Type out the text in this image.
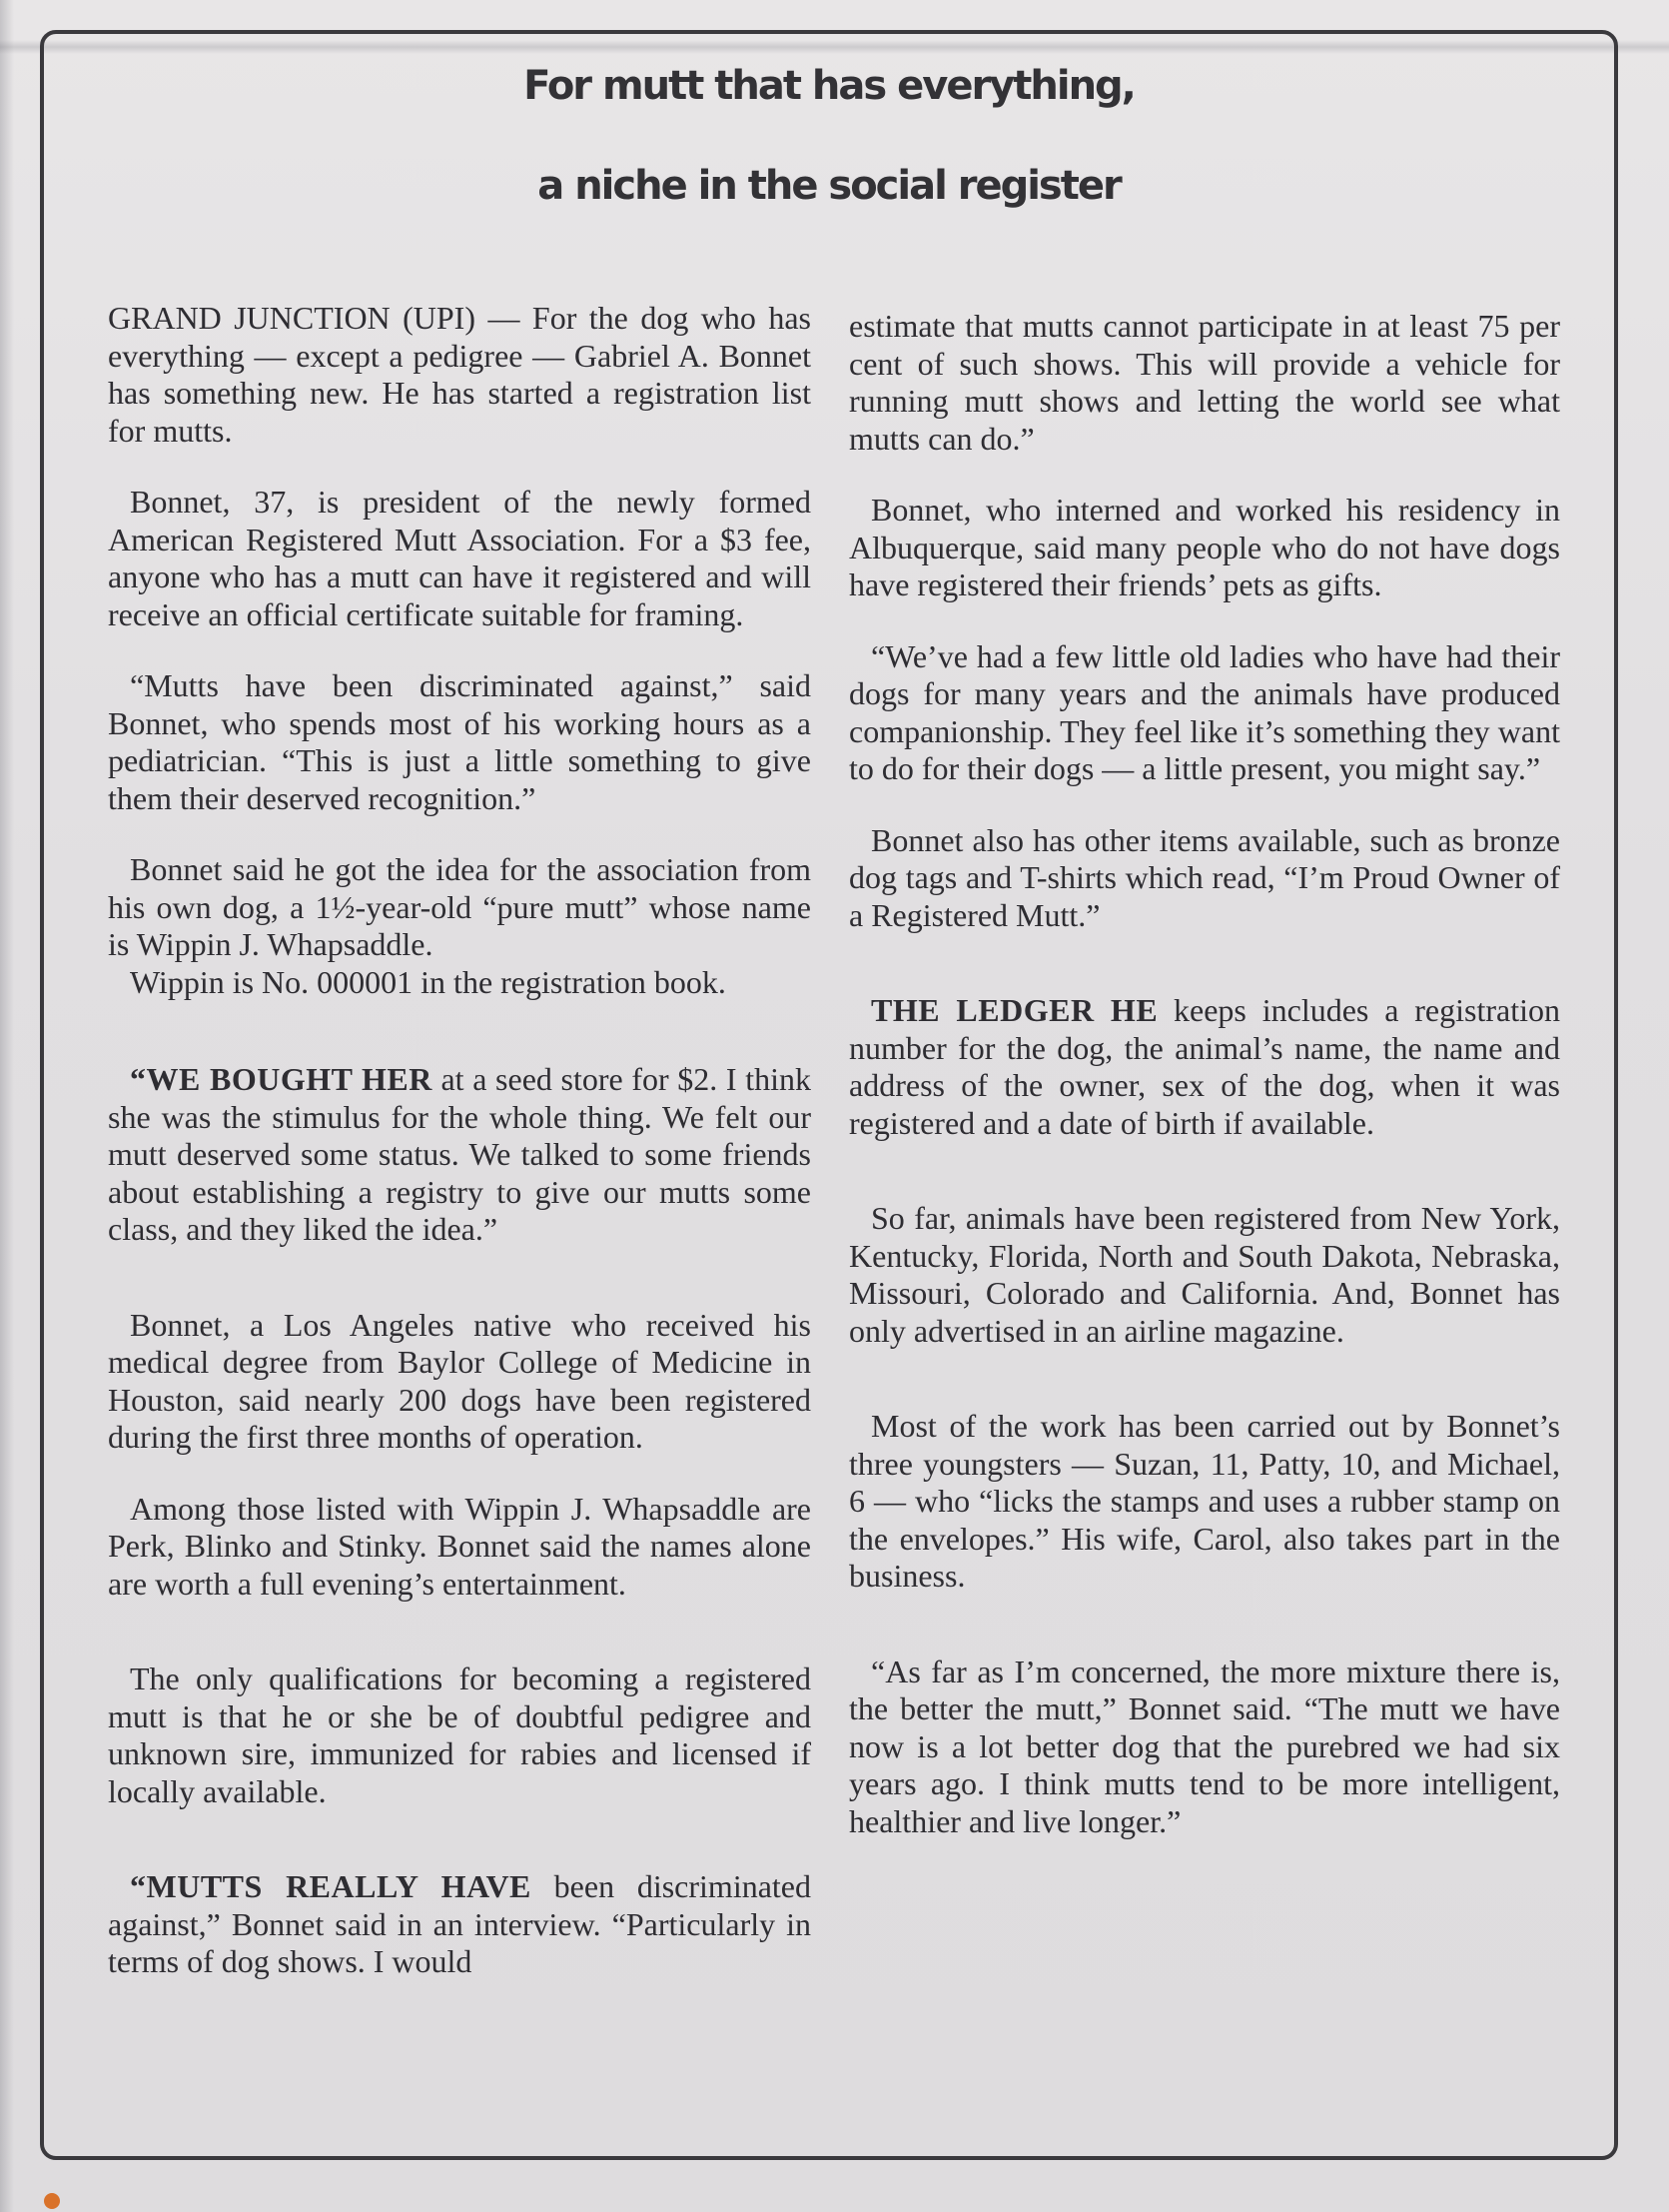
For mutt that has everything,
a niche in the social register

GRAND JUNCTION (UPI) — For the dog who has everything — except a pedigree — Gabriel A. Bonnet has something new. He has started a registration list for mutts.

Bonnet, 37, is president of the newly formed American Registered Mutt Association. For a $3 fee, anyone who has a mutt can have it registered and will receive an official certificate suitable for framing.

“Mutts have been discriminated against,” said Bonnet, who spends most of his working hours as a pediatrician. “This is just a little something to give them their deserved recognition.”

Bonnet said he got the idea for the association from his own dog, a 1½-year-old “pure mutt” whose name is Wippin J. Whapsaddle.

Wippin is No. 000001 in the registration book.

“WE BOUGHT HER at a seed store for $2. I think she was the stimulus for the whole thing. We felt our mutt deserved some status. We talked to some friends about establishing a registry to give our mutts some class, and they liked the idea.”

Bonnet, a Los Angeles native who received his medical degree from Baylor College of Medicine in Houston, said nearly 200 dogs have been registered during the first three months of operation.

Among those listed with Wippin J. Whapsaddle are Perk, Blinko and Stinky. Bonnet said the names alone are worth a full evening’s entertainment.

The only qualifications for becoming a registered mutt is that he or she be of doubtful pedigree and unknown sire, immunized for rabies and licensed if locally available.

“MUTTS REALLY HAVE been discriminated against,” Bonnet said in an interview. “Particularly in terms of dog shows. I would

estimate that mutts cannot participate in at least 75 per cent of such shows. This will provide a vehicle for running mutt shows and letting the world see what mutts can do.”

Bonnet, who interned and worked his residency in Albuquerque, said many people who do not have dogs have registered their friends’ pets as gifts.

“We’ve had a few little old ladies who have had their dogs for many years and the animals have produced companionship. They feel like it’s something they want to do for their dogs — a little present, you might say.”

Bonnet also has other items available, such as bronze dog tags and T-shirts which read, “I’m Proud Owner of a Registered Mutt.”

THE LEDGER HE keeps includes a registration number for the dog, the animal’s name, the name and address of the owner, sex of the dog, when it was registered and a date of birth if available.

So far, animals have been registered from New York, Kentucky, Florida, North and South Dakota, Nebraska, Missouri, Colorado and California. And, Bonnet has only advertised in an airline magazine.

Most of the work has been carried out by Bonnet’s three youngsters — Suzan, 11, Patty, 10, and Michael, 6 — who “licks the stamps and uses a rubber stamp on the envelopes.” His wife, Carol, also takes part in the business.

“As far as I’m concerned, the more mixture there is, the better the mutt,” Bonnet said. “The mutt we have now is a lot better dog that the purebred we had six years ago. I think mutts tend to be more intelligent, healthier and live longer.”
